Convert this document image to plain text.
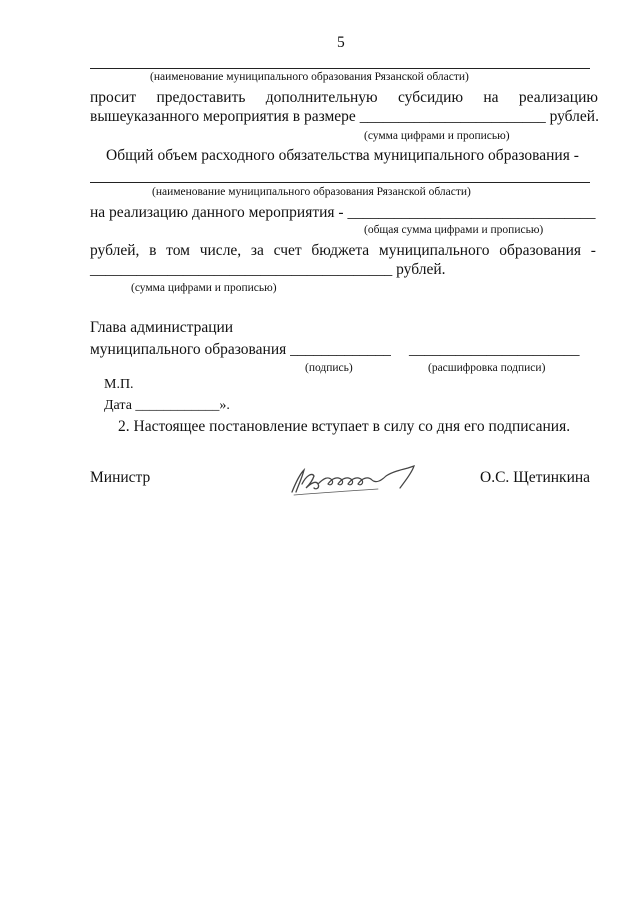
5
(наименование муниципального образования Рязанской области)
просит предоставить дополнительную субсидию на реализацию
вышеуказанного мероприятия в размере ________________________ рублей.
(сумма цифрами и прописью)
Общий объем расходного обязательства муниципального образования -
(наименование муниципального образования Рязанской области)
на реализацию данного мероприятия - ________________________________
(общая сумма цифрами и прописью)
рублей, в том числе, за счет бюджета муниципального образования -
_______________________________________ рублей.
(сумма цифрами и прописью)
Глава администрации
муниципального образования _____________ ______________________
(подпись)	(расшифровка подписи)
М.П.
Дата ____________».
2. Настоящее постановление вступает в силу со дня его подписания.
Министр	О.С. Щетинкина
